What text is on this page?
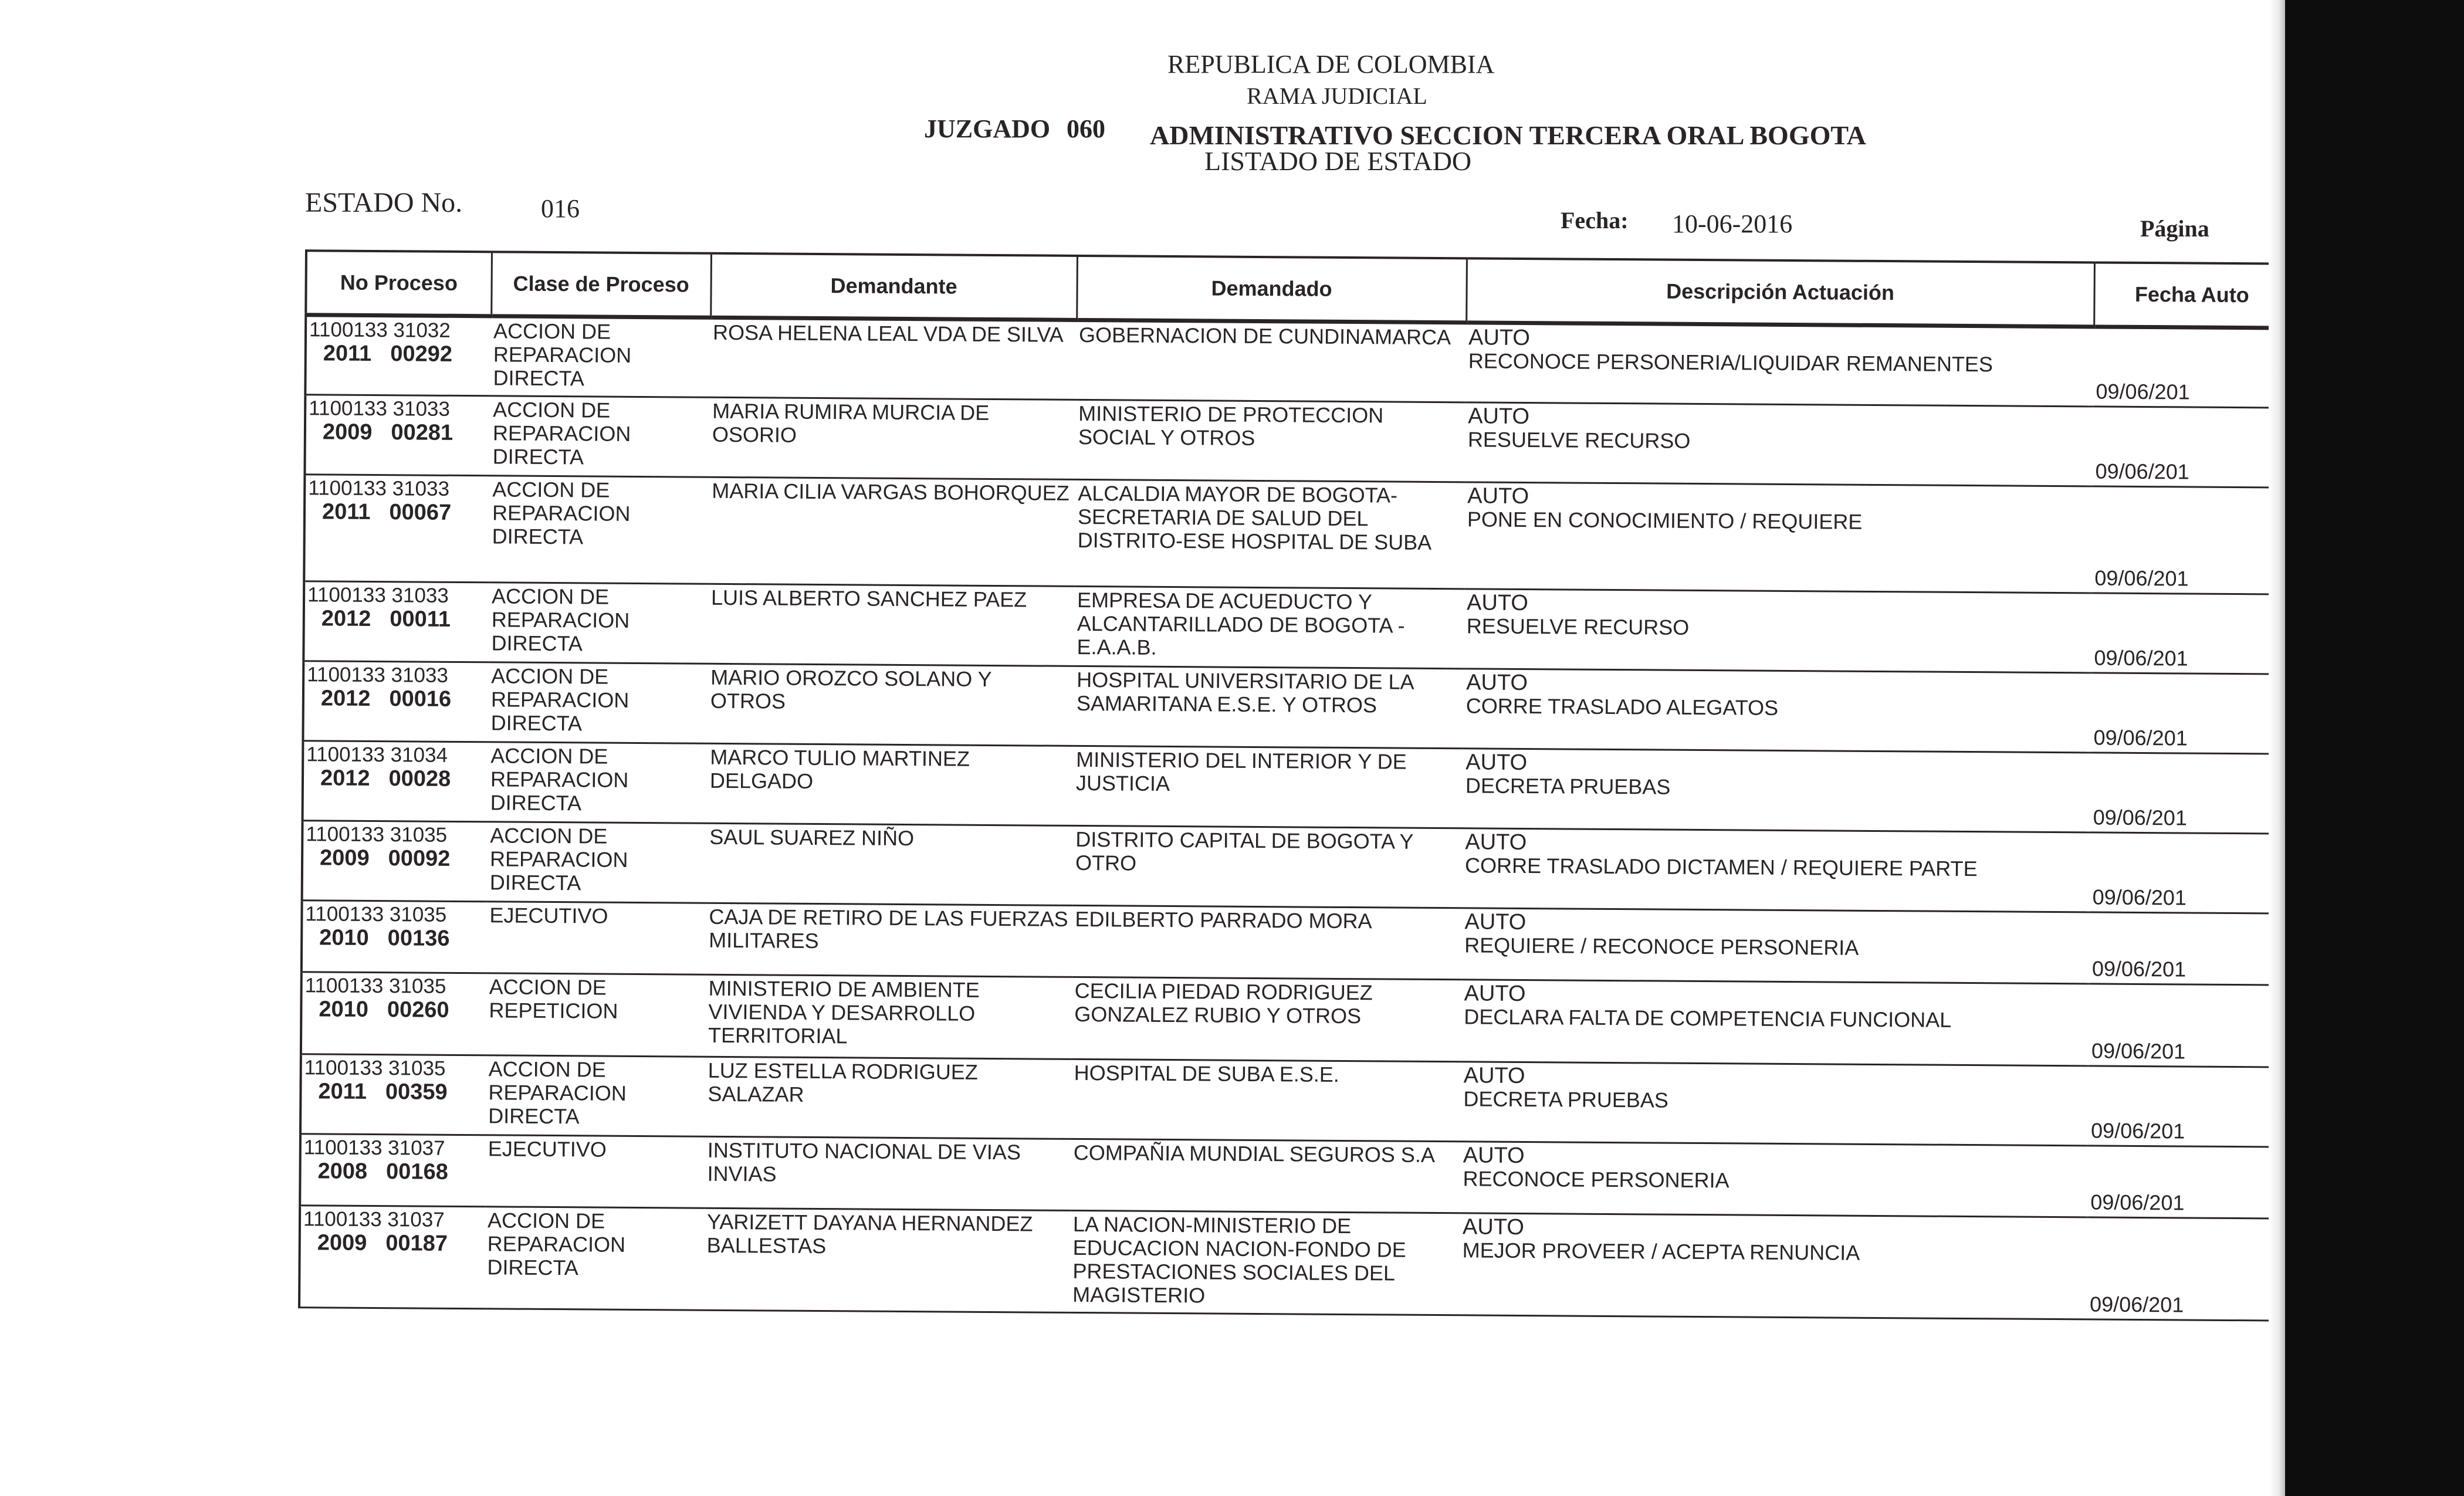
REPUBLICA DE COLOMBIA
RAMA JUDICIAL
JUZGADO 060 ADMINISTRATIVO SECCION TERCERA ORAL BOGOTA
LISTADO DE ESTADO
ESTADO No.	016	Fecha: 10-06-2016	Página
No Proceso	Clase de Proceso	Demandante	Demandado	Descripción Actuación	Fecha Auto

1100133 31032
2011 00292	ACCION DE REPARACION DIRECTA	ROSA HELENA LEAL VDA DE SILVA	GOBERNACION DE CUNDINAMARCA	AUTO
RECONOCE PERSONERIA/LIQUIDAR REMANENTES	09/06/201

1100133 31033
2009 00281	ACCION DE REPARACION DIRECTA	MARIA RUMIRA MURCIA DE OSORIO	MINISTERIO DE PROTECCION SOCIAL Y OTROS	AUTO
RESUELVE RECURSO	09/06/201

1100133 31033
2011 00067	ACCION DE REPARACION DIRECTA	MARIA CILIA VARGAS BOHORQUEZ	ALCALDIA MAYOR DE BOGOTA-SECRETARIA DE SALUD DEL DISTRITO-ESE HOSPITAL DE SUBA	AUTO
PONE EN CONOCIMIENTO / REQUIERE	09/06/201

1100133 31033
2012 00011	ACCION DE REPARACION DIRECTA	LUIS ALBERTO SANCHEZ PAEZ	EMPRESA DE ACUEDUCTO Y ALCANTARILLADO DE BOGOTA -E.A.A.B.	AUTO
RESUELVE RECURSO	09/06/201

1100133 31033
2012 00016	ACCION DE REPARACION DIRECTA	MARIO OROZCO SOLANO Y OTROS	HOSPITAL UNIVERSITARIO DE LA SAMARITANA E.S.E. Y OTROS	AUTO
CORRE TRASLADO ALEGATOS	09/06/201

1100133 31034
2012 00028	ACCION DE REPARACION DIRECTA	MARCO TULIO MARTINEZ DELGADO	MINISTERIO DEL INTERIOR Y DE JUSTICIA	AUTO
DECRETA PRUEBAS	09/06/201

1100133 31035
2009 00092	ACCION DE REPARACION DIRECTA	SAUL SUAREZ NIÑO	DISTRITO CAPITAL DE BOGOTA Y OTRO	AUTO
CORRE TRASLADO DICTAMEN / REQUIERE PARTE	09/06/201

1100133 31035
2010 00136	EJECUTIVO	CAJA DE RETIRO DE LAS FUERZAS MILITARES	EDILBERTO PARRADO MORA	AUTO
REQUIERE / RECONOCE PERSONERIA	09/06/201

1100133 31035
2010 00260	ACCION DE REPETICION	MINISTERIO DE AMBIENTE VIVIENDA Y DESARROLLO TERRITORIAL	CECILIA PIEDAD RODRIGUEZ GONZALEZ RUBIO Y OTROS	AUTO
DECLARA FALTA DE COMPETENCIA FUNCIONAL	09/06/201

1100133 31035
2011 00359	ACCION DE REPARACION DIRECTA	LUZ ESTELLA RODRIGUEZ SALAZAR	HOSPITAL DE SUBA E.S.E.	AUTO
DECRETA PRUEBAS	09/06/201

1100133 31037
2008 00168	EJECUTIVO	INSTITUTO NACIONAL DE VIAS INVIAS	COMPAÑIA MUNDIAL SEGUROS S.A	AUTO
RECONOCE PERSONERIA	09/06/201

1100133 31037
2009 00187	ACCION DE REPARACION DIRECTA	YARIZETT DAYANA HERNANDEZ BALLESTAS	LA NACION-MINISTERIO DE EDUCACION NACION-FONDO DE PRESTACIONES SOCIALES DEL MAGISTERIO	AUTO
MEJOR PROVEER / ACEPTA RENUNCIA	09/06/201
